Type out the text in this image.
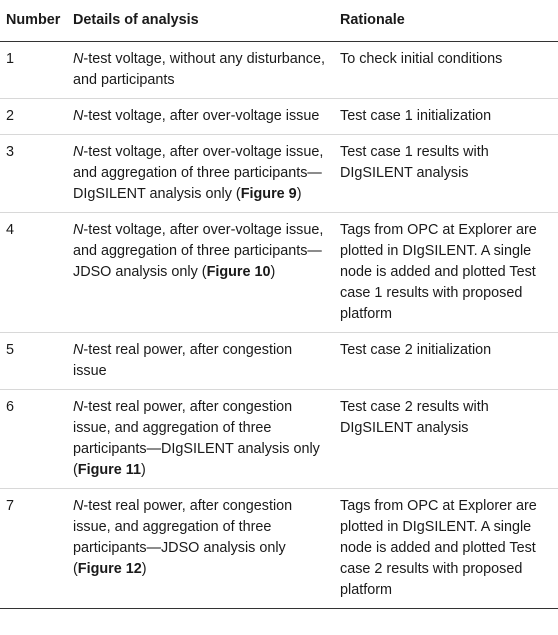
Number	Details of analysis	Rationale
1	N-test voltage, without any disturbance, and participants	To check initial conditions
2	N-test voltage, after over-voltage issue	Test case 1 initialization
3	N-test voltage, after over-voltage issue, and aggregation of three participants—DIgSILENT analysis only (Figure 9)	Test case 1 results with DIgSILENT analysis
4	N-test voltage, after over-voltage issue, and aggregation of three participants—JDSO analysis only (Figure 10)	Tags from OPC at Explorer are plotted in DIgSILENT. A single node is added and plotted Test case 1 results with proposed platform
5	N-test real power, after congestion issue	Test case 2 initialization
6	N-test real power, after congestion issue, and aggregation of three participants—DIgSILENT analysis only (Figure 11)	Test case 2 results with DIgSILENT analysis
7	N-test real power, after congestion issue, and aggregation of three participants—JDSO analysis only (Figure 12)	Tags from OPC at Explorer are plotted in DIgSILENT. A single node is added and plotted Test case 2 results with proposed platform
